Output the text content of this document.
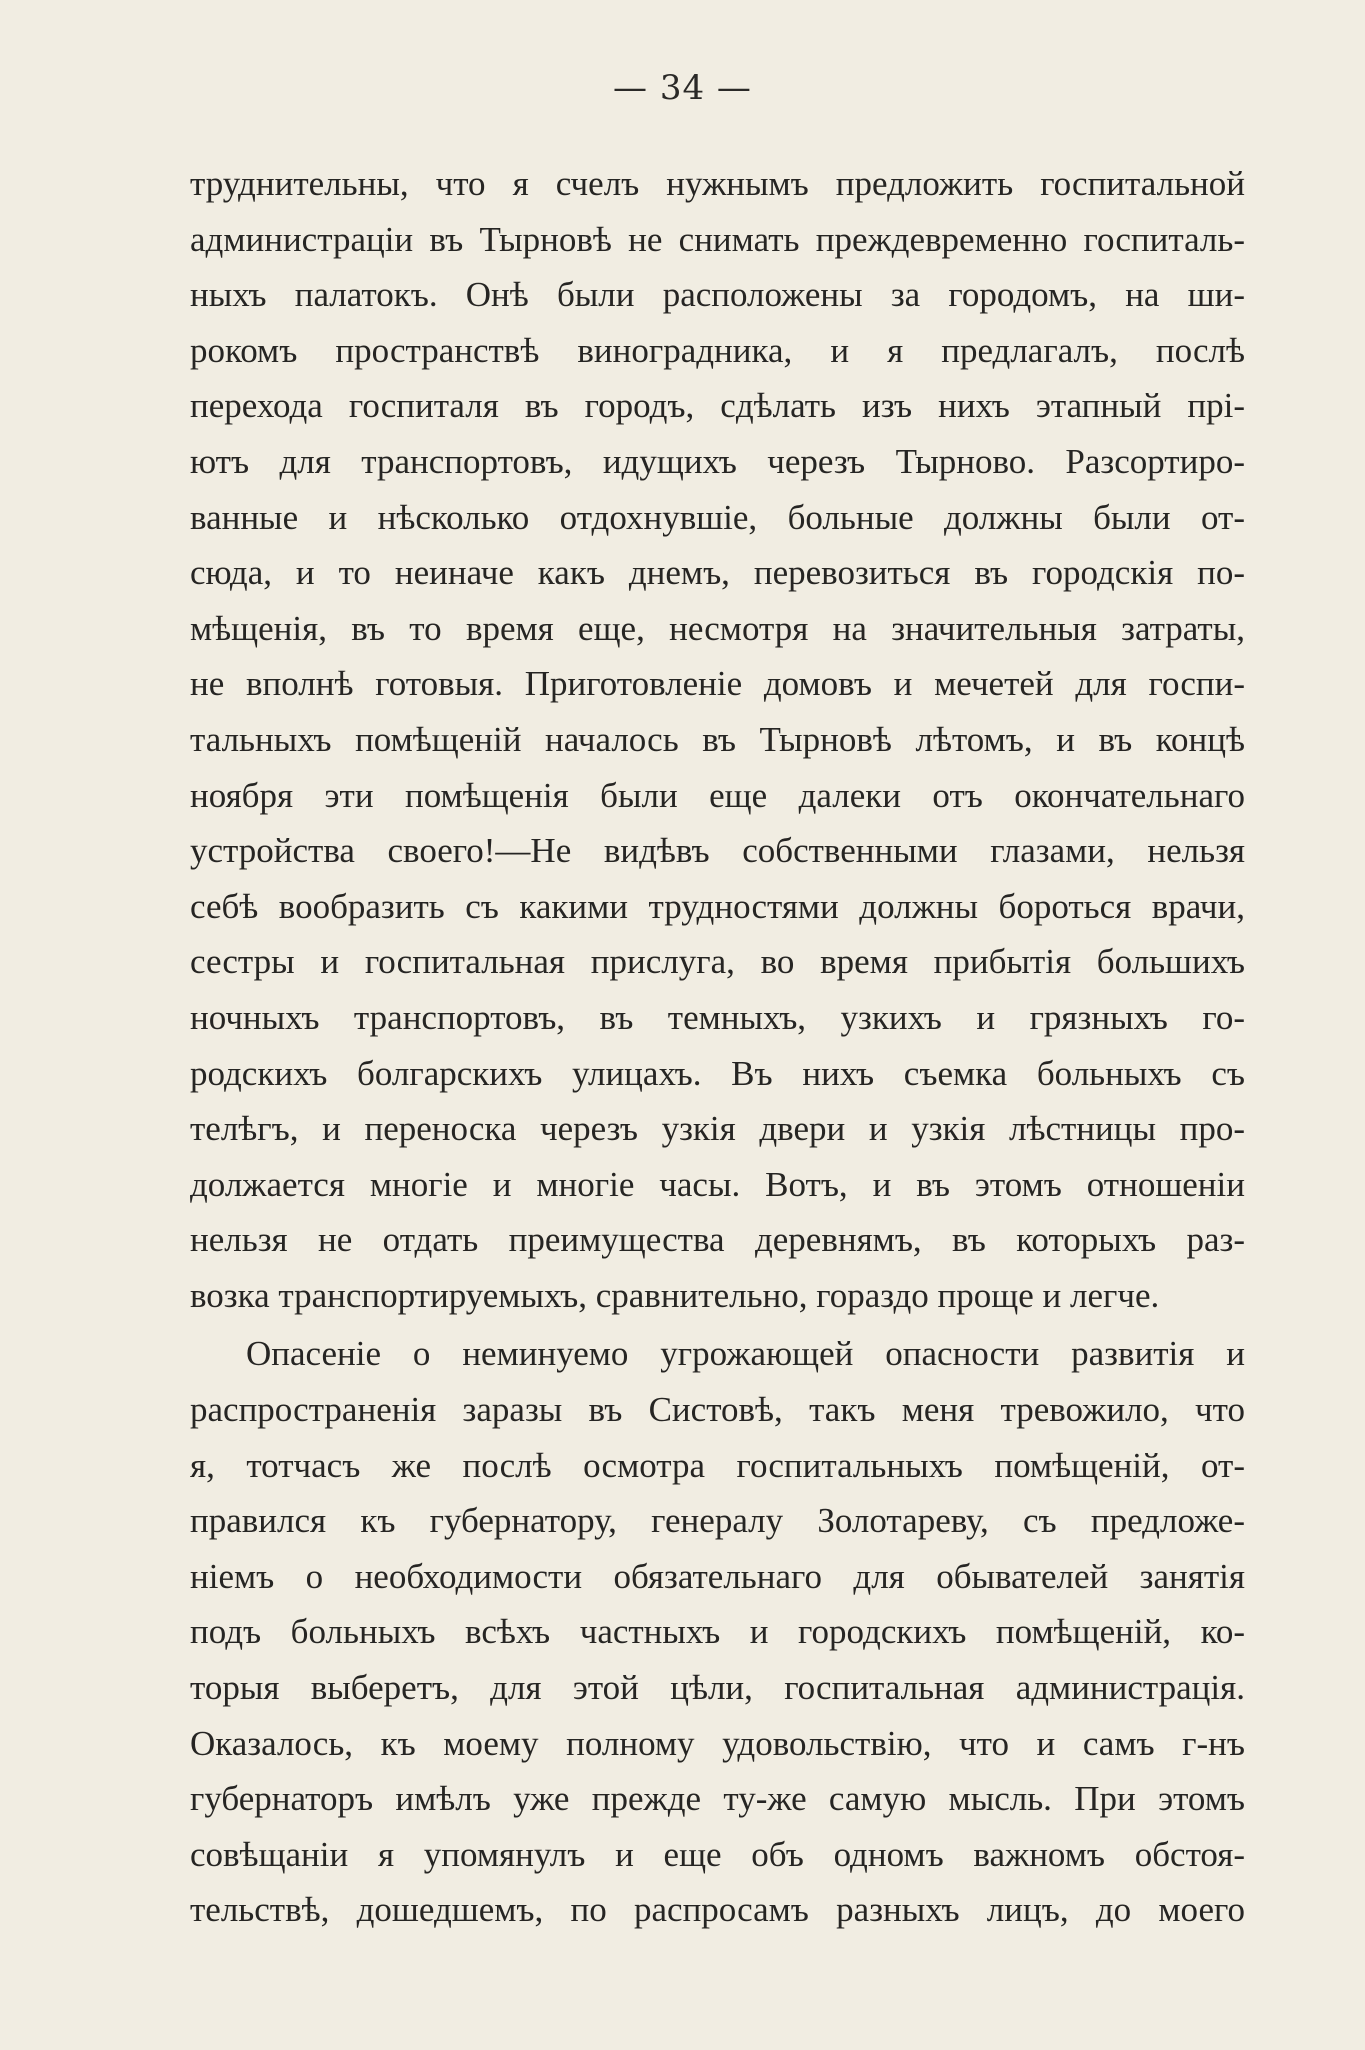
— 34 —
труднительны, что я счелъ нужнымъ предложить госпитальной
администраціи въ Тырновѣ не снимать преждевременно госпиталь-
ныхъ палатокъ. Онѣ были расположены за городомъ, на ши-
рокомъ пространствѣ виноградника, и я предлагалъ, послѣ
перехода госпиталя въ городъ, сдѣлать изъ нихъ этапный прі-
ютъ для транспортовъ, идущихъ черезъ Тырново. Разсортиро-
ванные и нѣсколько отдохнувшіе, больные должны были от-
сюда, и то неиначе какъ днемъ, перевозиться въ городскія по-
мѣщенія, въ то время еще, несмотря на значительныя затраты,
не вполнѣ готовыя. Приготовленіе домовъ и мечетей для госпи-
тальныхъ помѣщеній началось въ Тырновѣ лѣтомъ, и въ концѣ
ноября эти помѣщенія были еще далеки отъ окончательнаго
устройства своего!—Не видѣвъ собственными глазами, нельзя
себѣ вообразить съ какими трудностями должны бороться врачи,
сестры и госпитальная прислуга, во время прибытія большихъ
ночныхъ транспортовъ, въ темныхъ, узкихъ и грязныхъ го-
родскихъ болгарскихъ улицахъ. Въ нихъ съемка больныхъ съ
телѣгъ, и переноска черезъ узкія двери и узкія лѣстницы про-
должается многіе и многіе часы. Вотъ, и въ этомъ отношеніи
нельзя не отдать преимущества деревнямъ, въ которыхъ раз-
возка транспортируемыхъ, сравнительно, гораздо проще и легче.
Опасеніе о неминуемо угрожающей опасности развитія и
распространенія заразы въ Систовѣ, такъ меня тревожило, что
я, тотчасъ же послѣ осмотра госпитальныхъ помѣщеній, от-
правился къ губернатору, генералу Золотареву, съ предложе-
ніемъ о необходимости обязательнаго для обывателей занятія
подъ больныхъ всѣхъ частныхъ и городскихъ помѣщеній, ко-
торыя выберетъ, для этой цѣли, госпитальная администрація.
Оказалось, къ моему полному удовольствію, что и самъ г-нъ
губернаторъ имѣлъ уже прежде ту-же самую мысль. При этомъ
совѣщаніи я упомянулъ и еще объ одномъ важномъ обстоя-
тельствѣ, дошедшемъ, по распросамъ разныхъ лицъ, до моего
